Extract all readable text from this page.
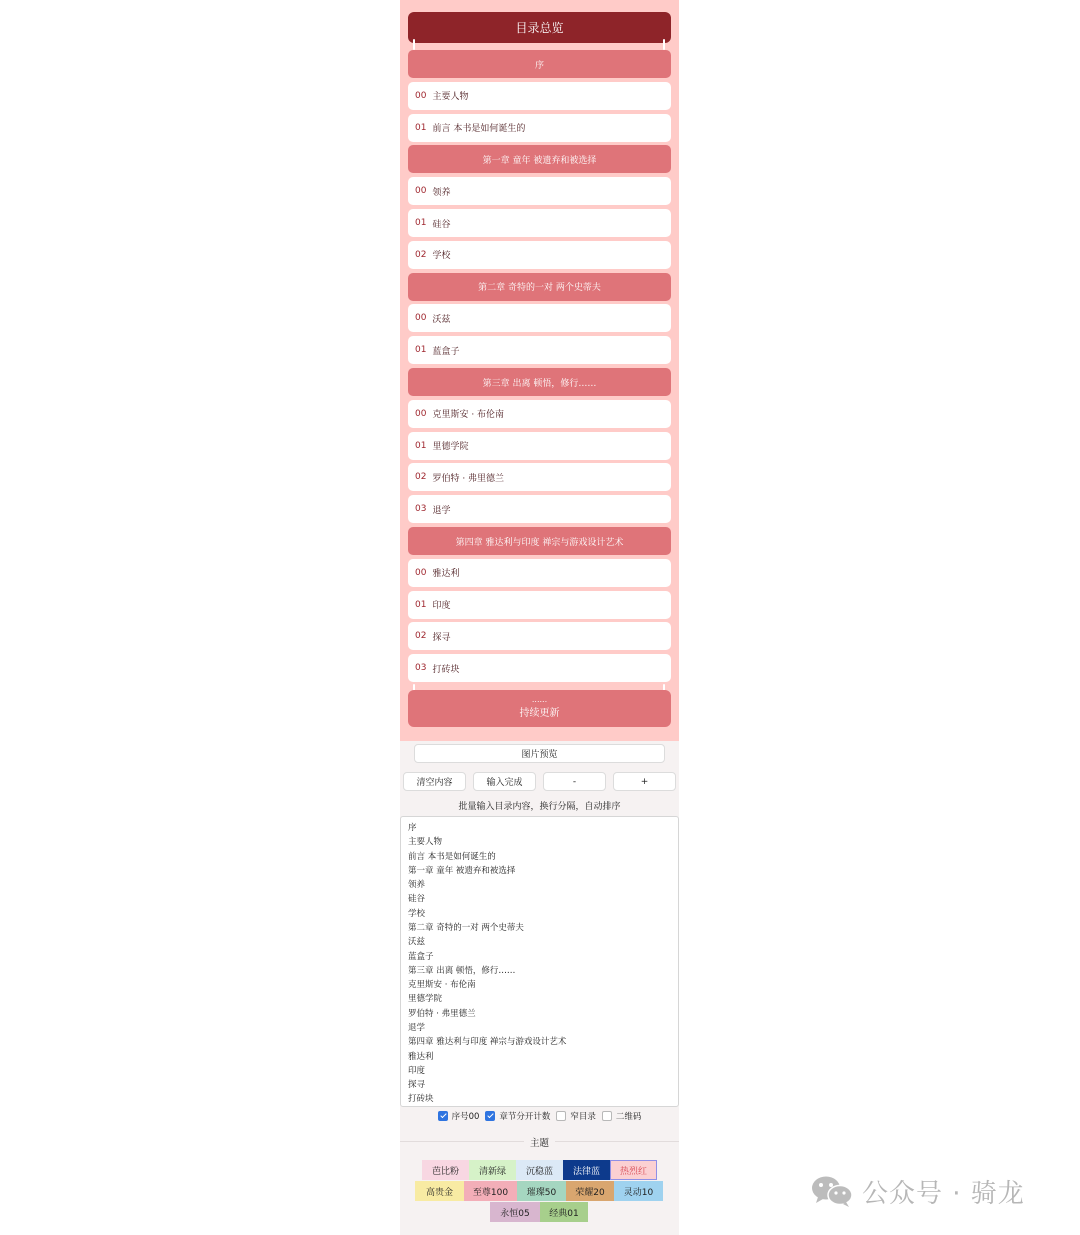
目录总览
序
00 主要人物
01 前言 本书是如何诞生的
第一章 童年 被遗弃和被选择
00 领养
01 硅谷
02 学校
第二章 奇特的一对 两个史蒂夫
00 沃兹
01 蓝盒子
第三章 出离 顿悟，修行……
00 克里斯安 · 布伦南
01 里德学院
02 罗伯特 · 弗里德兰
03 退学
第四章 雅达利与印度 禅宗与游戏设计艺术
00 雅达利
01 印度
02 探寻
03 打砖块
......
持续更新
图片预览
清空内容	输入完成	-	+
批量输入目录内容，换行分隔，自动排序
序 主要人物 前言 本书是如何诞生的 第一章 童年 被遗弃和被选择 领养 硅谷 学校 第二章 奇特的一对 两个史蒂夫 沃兹 蓝盒子 第三章 出离 顿悟，修行…… 克里斯安 · 布伦南 里德学院 罗伯特 · 弗里德兰 退学 第四章 雅达利与印度 禅宗与游戏设计艺术 雅达利 印度 探寻 打砖块
序号00 章节分开计数 窄目录 二维码
主题
芭比粉	清新绿	沉稳蓝	法律蓝	热烈红
高贵金	至尊100	璀璨50	荣耀20	灵动10
永恒05	经典01
公众号 · 骑龙
